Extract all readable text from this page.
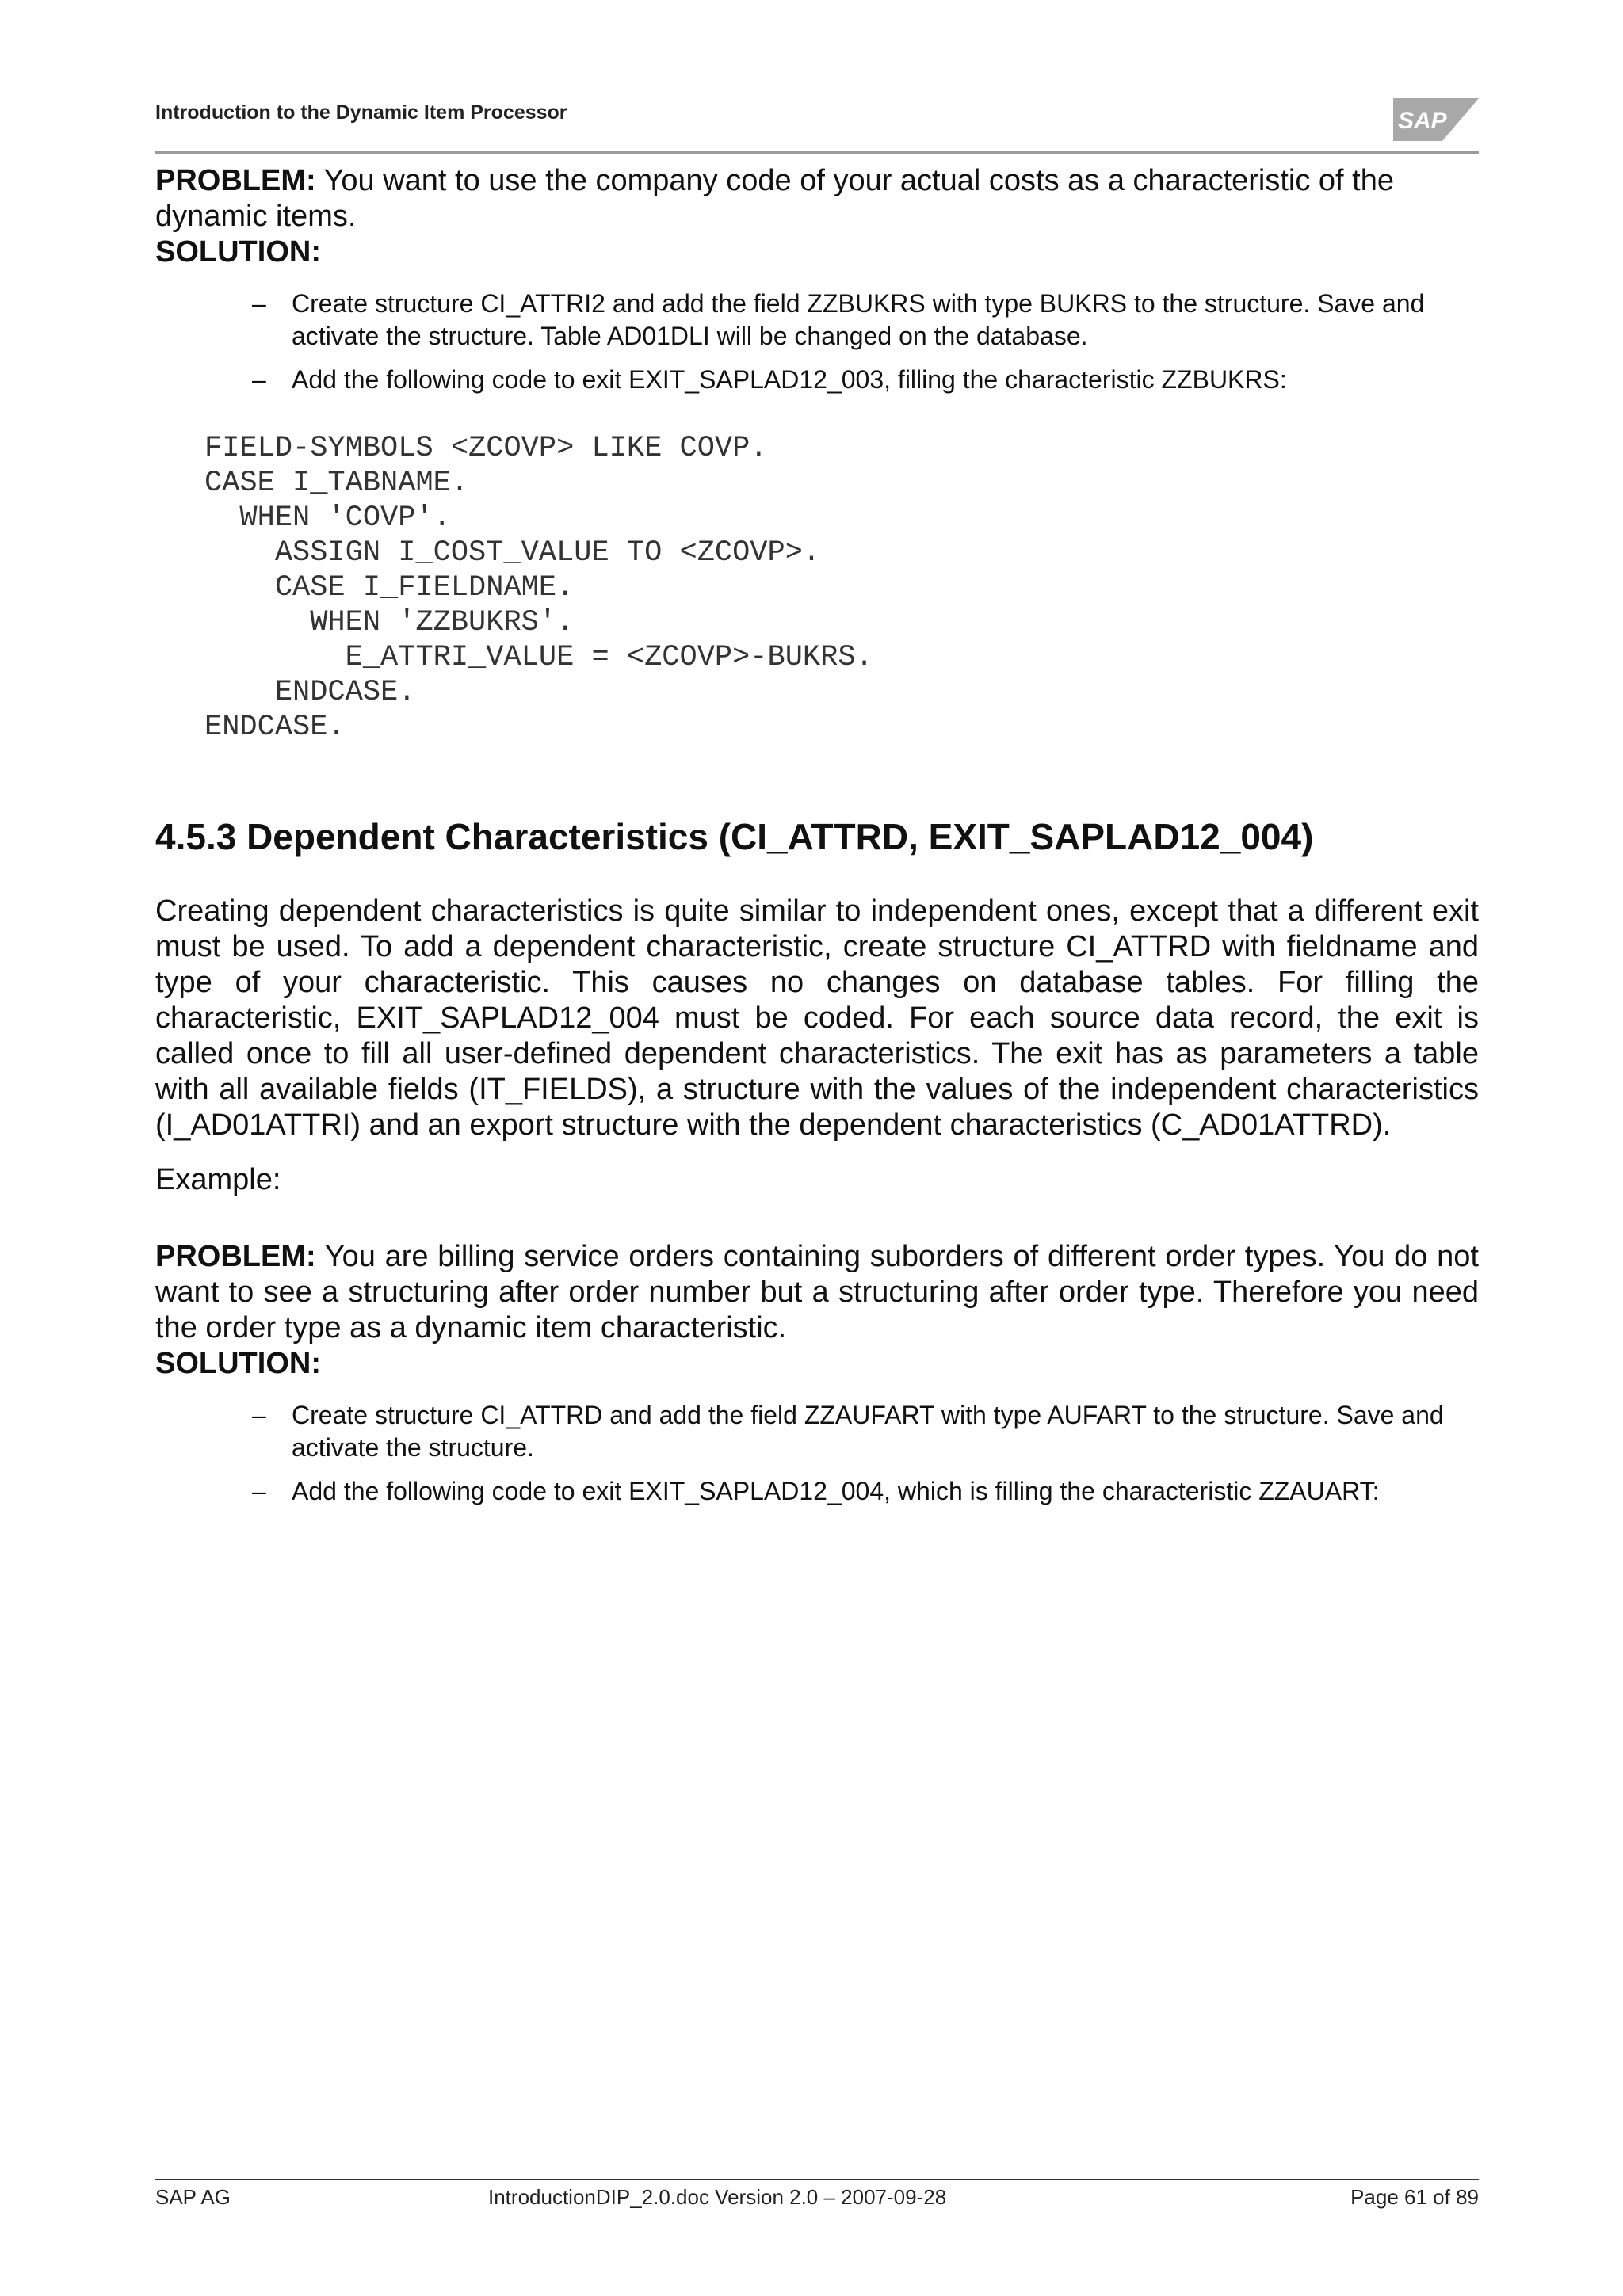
Introduction to the Dynamic Item Processor	SAP

PROBLEM: You want to use the company code of your actual costs as a characteristic of the dynamic items.

SOLUTION:

– Create structure CI_ATTRI2 and add the field ZZBUKRS with type BUKRS to the structure. Save and activate the structure. Table AD01DLI will be changed on the database.
– Add the following code to exit EXIT_SAPLAD12_003, filling the characteristic ZZBUKRS:
FIELD-SYMBOLS <ZCOVP> LIKE COVP.
CASE I_TABNAME.
WHEN 'COVP'.
ASSIGN I_COST_VALUE TO <ZCOVP>.
CASE I_FIELDNAME.
WHEN 'ZZBUKRS'.
E_ATTRI_VALUE = <ZCOVP>-BUKRS.
ENDCASE.
ENDCASE.
4.5.3 Dependent Characteristics (CI_ATTRD, EXIT_SAPLAD12_004)

Creating dependent characteristics is quite similar to independent ones, except that a different exit must be used. To add a dependent characteristic, create structure CI_ATTRD with fieldname and type of your characteristic. This causes no changes on database tables. For filling the characteristic, EXIT_SAPLAD12_004 must be coded. For each source data record, the exit is called once to fill all user-defined dependent characteristics. The exit has as parameters a table with all available fields (IT_FIELDS), a structure with the values of the independent characteristics (I_AD01ATTRI) and an export structure with the dependent characteristics (C_AD01ATTRD).

Example:

PROBLEM: You are billing service orders containing suborders of different order types. You do not want to see a structuring after order number but a structuring after order type. Therefore you need the order type as a dynamic item characteristic.

SOLUTION:

– Create structure CI_ATTRD and add the field ZZAUFART with type AUFART to the structure. Save and activate the structure.
– Add the following code to exit EXIT_SAPLAD12_004, which is filling the characteristic ZZAUART:
SAP AG	IntroductionDIP_2.0.doc Version 2.0 – 2007-09-28	Page 61 of 89
